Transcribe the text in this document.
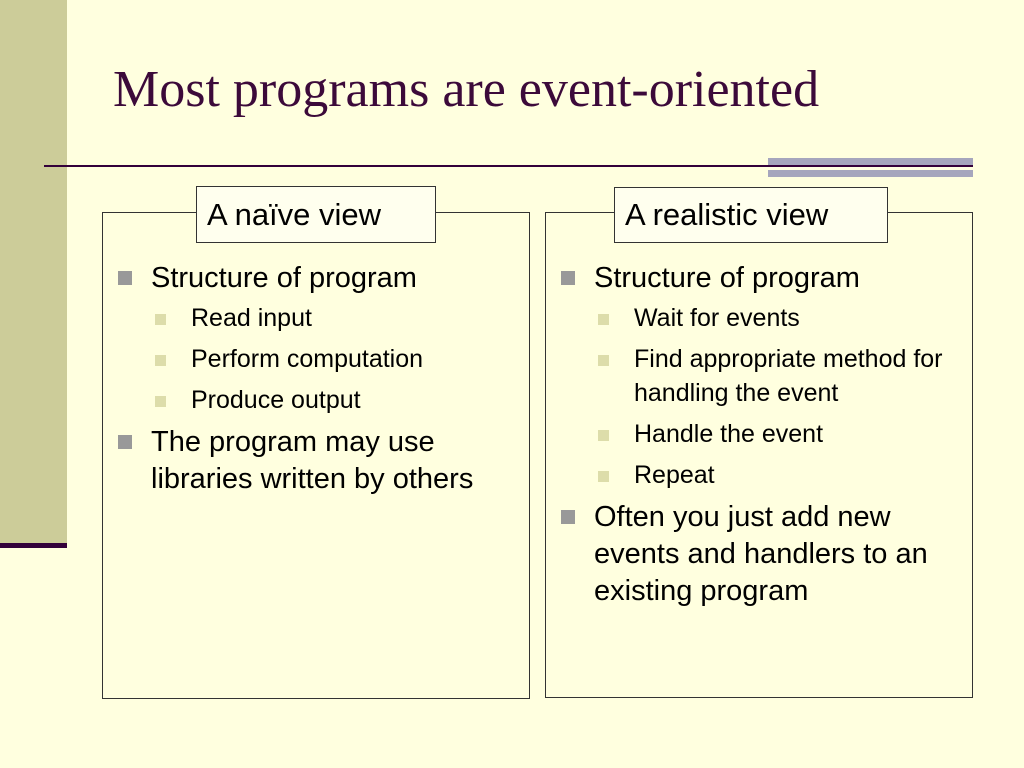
Most programs are event-oriented
A naïve view	A realistic view
Structure of program
Read input
Perform computation
Produce output
The program may use libraries written by others
Structure of program
Wait for events
Find appropriate method for handling the event
Handle the event
Repeat
Often you just add new events and handlers to an existing program
